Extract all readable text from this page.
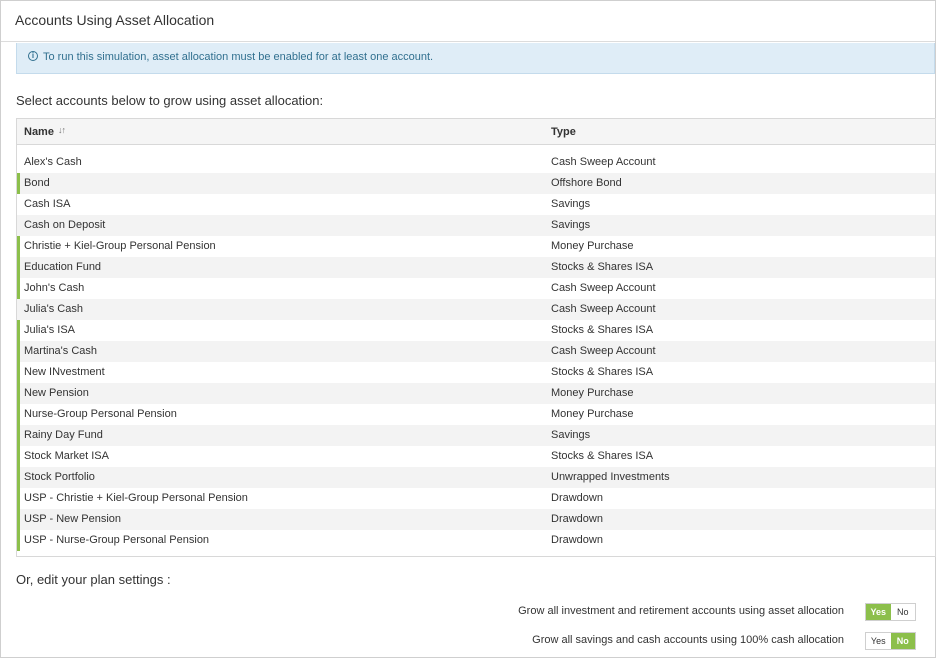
Accounts Using Asset Allocation
i To run this simulation, asset allocation must be enabled for at least one account.
Select accounts below to grow using asset allocation:
Name ↓↑	Type
Alex's Cash	Cash Sweep Account
Bond	Offshore Bond
Cash ISA	Savings
Cash on Deposit	Savings
Christie + Kiel-Group Personal Pension	Money Purchase
Education Fund	Stocks & Shares ISA
John's Cash	Cash Sweep Account
Julia's Cash	Cash Sweep Account
Julia's ISA	Stocks & Shares ISA
Martina's Cash	Cash Sweep Account
New INvestment	Stocks & Shares ISA
New Pension	Money Purchase
Nurse-Group Personal Pension	Money Purchase
Rainy Day Fund	Savings
Stock Market ISA	Stocks & Shares ISA
Stock Portfolio	Unwrapped Investments
USP - Christie + Kiel-Group Personal Pension	Drawdown
USP - New Pension	Drawdown
USP - Nurse-Group Personal Pension	Drawdown
Or, edit your plan settings :
Grow all investment and retirement accounts using asset allocation	Yes	No
Grow all savings and cash accounts using 100% cash allocation	Yes	No
